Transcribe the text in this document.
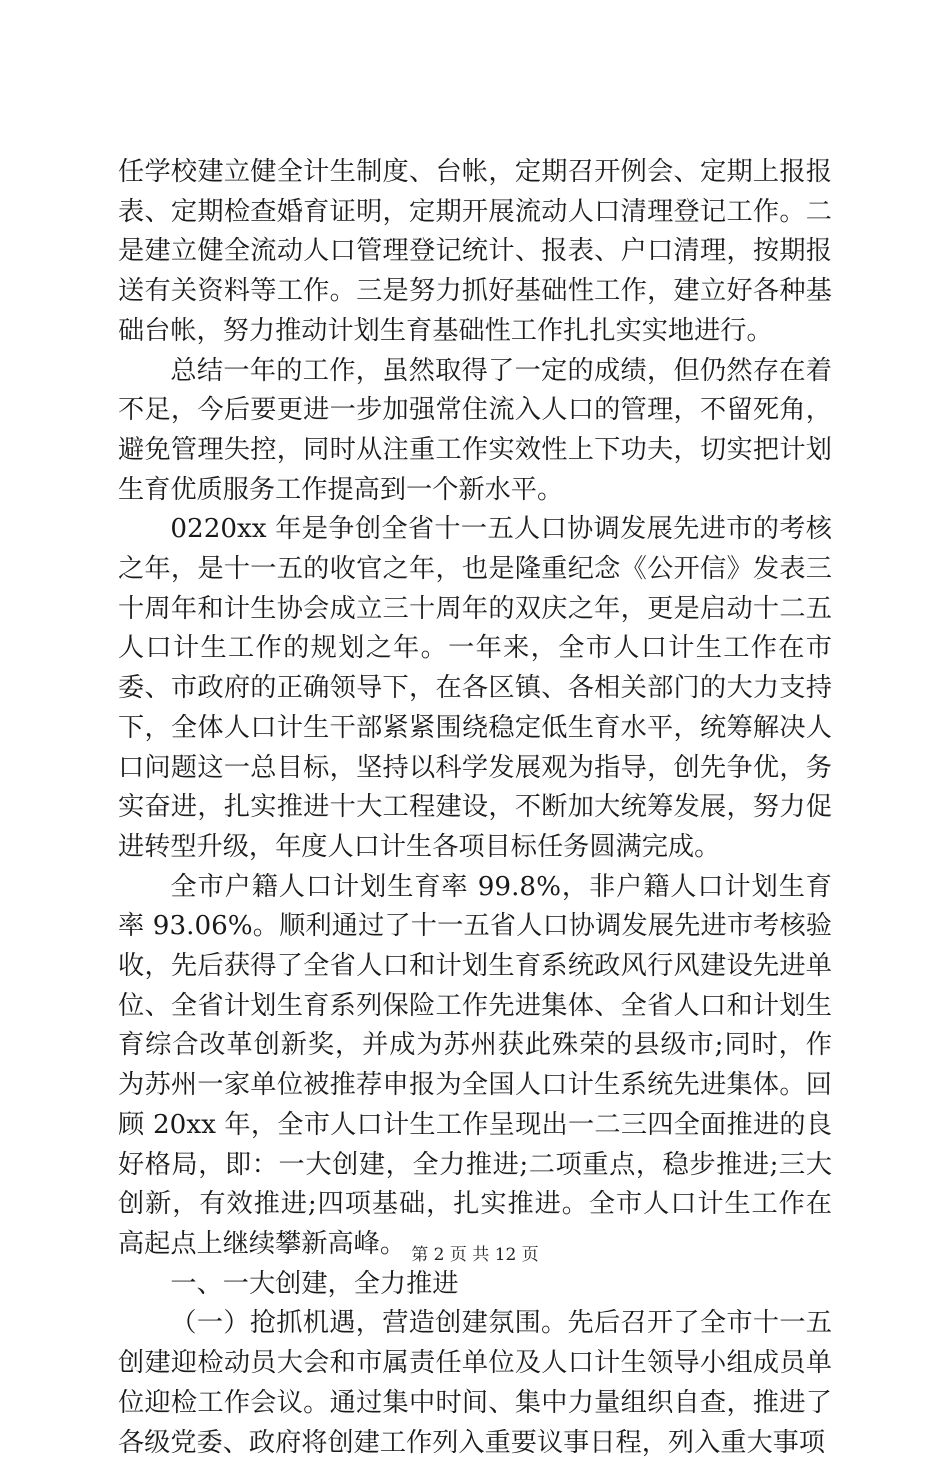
任学校建立健全计生制度、台帐，定期召开例会、定期上报报表、定期检查婚育证明，定期开展流动人口清理登记工作。二是建立健全流动人口管理登记统计、报表、户口清理，按期报送有关资料等工作。三是努力抓好基础性工作，建立好各种基础台帐，努力推动计划生育基础性工作扎扎实实地进行。

总结一年的工作，虽然取得了一定的成绩，但仍然存在着不足，今后要更进一步加强常住流入人口的管理，不留死角，避免管理失控，同时从注重工作实效性上下功夫，切实把计划生育优质服务工作提高到一个新水平。

0220xx 年是争创全省十一五人口协调发展先进市的考核之年，是十一五的收官之年，也是隆重纪念《公开信》发表三十周年和计生协会成立三十周年的双庆之年，更是启动十二五人口计生工作的规划之年。一年来，全市人口计生工作在市委、市政府的正确领导下，在各区镇、各相关部门的大力支持下，全体人口计生干部紧紧围绕稳定低生育水平，统筹解决人口问题这一总目标，坚持以科学发展观为指导，创先争优，务实奋进，扎实推进十大工程建设，不断加大统筹发展，努力促进转型升级，年度人口计生各项目标任务圆满完成。

全市户籍人口计划生育率 99.8%，非户籍人口计划生育率 93.06%。顺利通过了十一五省人口协调发展先进市考核验收，先后获得了全省人口和计划生育系统政风行风建设先进单位、全省计划生育系列保险工作先进集体、全省人口和计划生育综合改革创新奖，并成为苏州获此殊荣的县级市;同时，作为苏州一家单位被推荐申报为全国人口计生系统先进集体。回顾 20xx 年，全市人口计生工作呈现出一二三四全面推进的良好格局，即：一大创建，全力推进;二项重点，稳步推进;三大创新，有效推进;四项基础，扎实推进。全市人口计生工作在高起点上继续攀新高峰。

一、一大创建，全力推进

（一）抢抓机遇，营造创建氛围。先后召开了全市十一五创建迎检动员大会和市属责任单位及人口计生领导小组成员单位迎检工作会议。通过集中时间、集中力量组织自查，推进了各级党委、政府将创建工作列入重要议事日程，列入重大事项

第 2 页 共 12 页
